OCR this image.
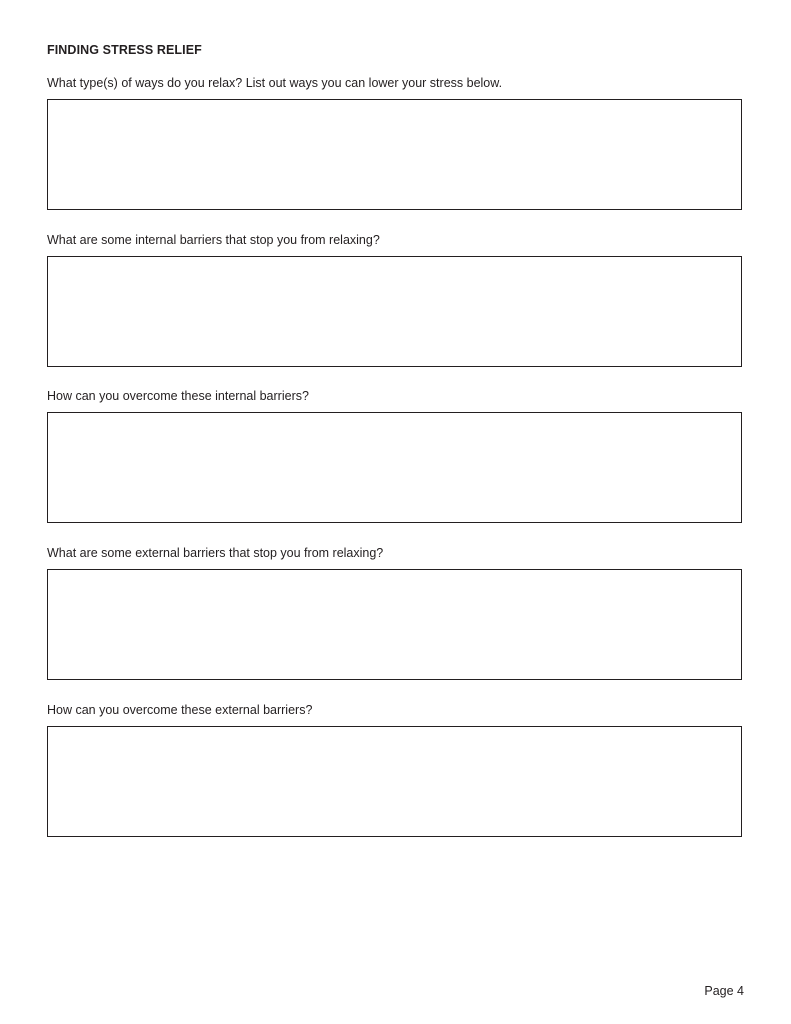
FINDING STRESS RELIEF

What type(s) of ways do you relax? List out ways you can lower your stress below.

What are some internal barriers that stop you from relaxing?

How can you overcome these internal barriers?

What are some external barriers that stop you from relaxing?

How can you overcome these external barriers?

Page 4
